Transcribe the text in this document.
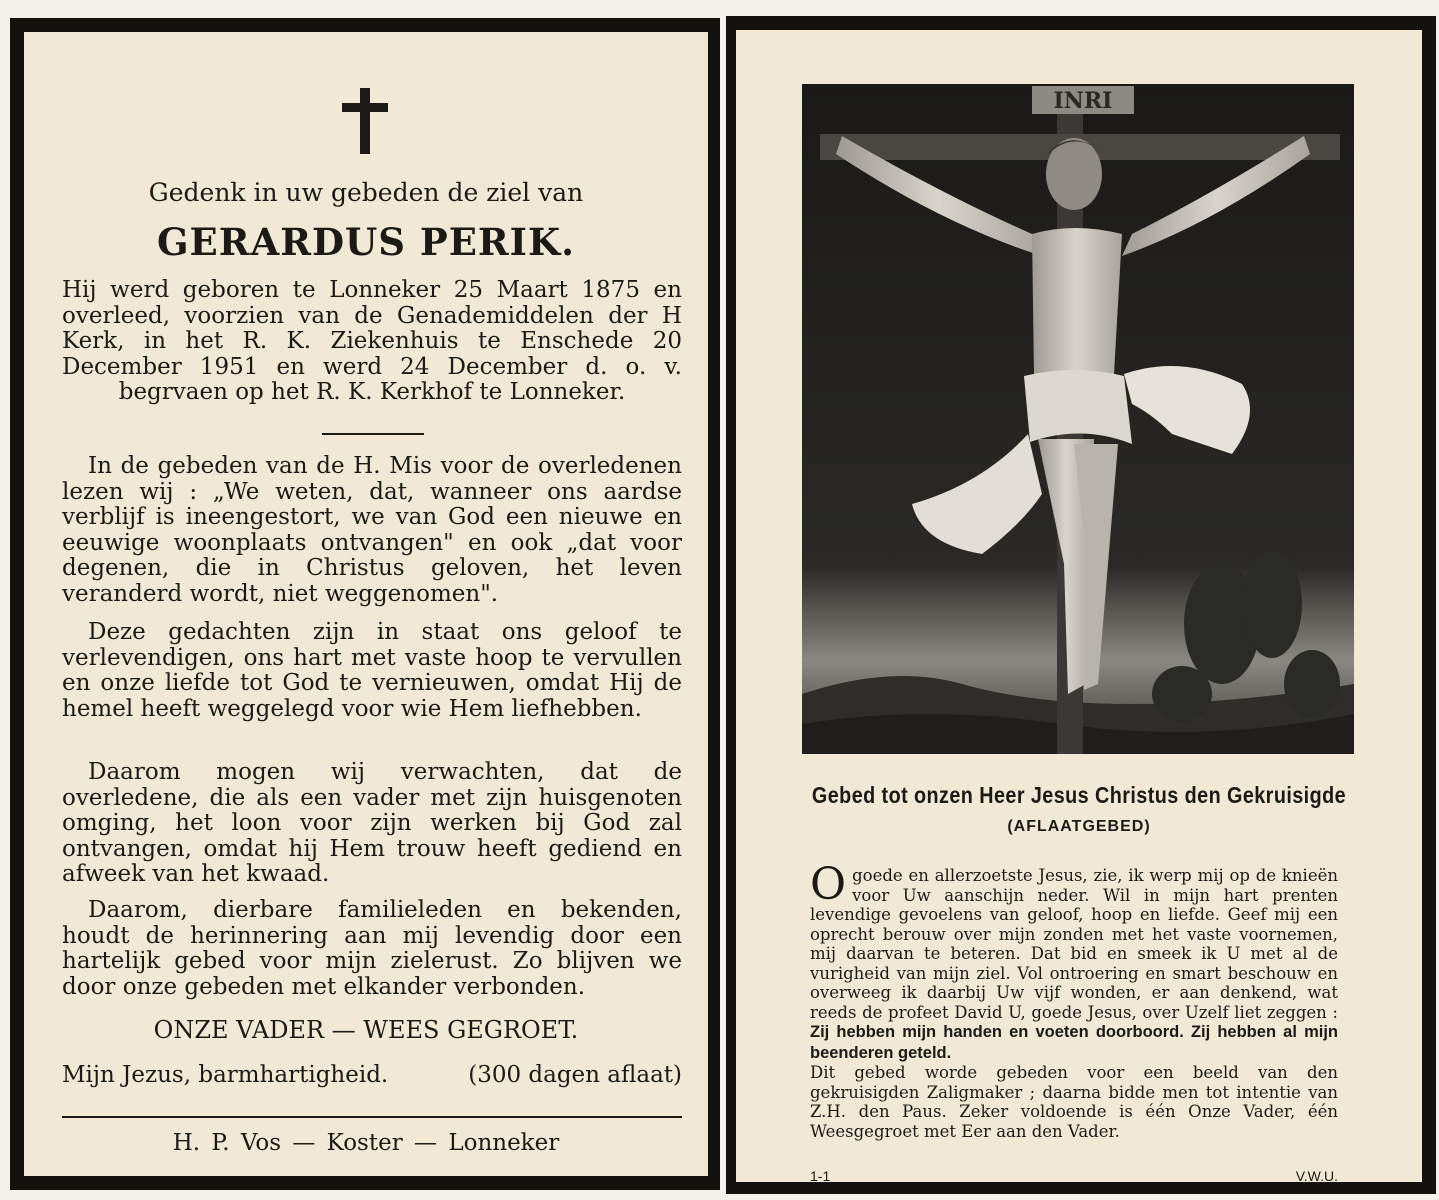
Gedenk in uw gebeden de ziel van
GERARDUS PERIK.
Hij werd geboren te Lonneker 25 Maart 1875 en overleed, voorzien van de Genademiddelen der H Kerk, in het R. K. Ziekenhuis te Enschede 20 December 1951 en werd 24 December d. o. v. begrvaen op het R. K. Kerkhof te Lonneker.
In de gebeden van de H. Mis voor de overledenen lezen wij : „We weten, dat, wanneer ons aardse verblijf is ineengestort, we van God een nieuwe en eeuwige woonplaats ontvangen" en ook „dat voor degenen, die in Christus geloven, het leven veranderd wordt, niet weggenomen".
Deze gedachten zijn in staat ons geloof te verlevendigen, ons hart met vaste hoop te vervullen en onze liefde tot God te vernieuwen, omdat Hij de hemel heeft weggelegd voor wie Hem liefhebben.
Daarom mogen wij verwachten, dat de overledene, die als een vader met zijn huisgenoten omging, het loon voor zijn werken bij God zal ontvangen, omdat hij Hem trouw heeft gediend en afweek van het kwaad.
Daarom, dierbare familieleden en bekenden, houdt de herinnering aan mij levendig door een hartelijk gebed voor mijn zielerust. Zo blijven we door onze gebeden met elkander verbonden.
ONZE VADER — WEES GEGROET.
Mijn Jezus, barmhartigheid.	(300 dagen aflaat)
H. P. Vos — Koster — Lonneker
INRI
Gebed tot onzen Heer Jesus Christus den Gekruisigde
(AFLAATGEBED)
Ogoede en allerzoetste Jesus, zie, ik werp mij op de knieën voor Uw aanschijn neder. Wil in mijn hart prenten levendige gevoelens van geloof, hoop en liefde. Geef mij een oprecht berouw over mijn zonden met het vaste voornemen, mij daarvan te beteren. Dat bid en smeek ik U met al de vurigheid van mijn ziel. Vol ontroering en smart beschouw en overweeg ik daarbij Uw vijf wonden, er aan denkend, wat reeds de profeet David U, goede Jesus, over Uzelf liet zeggen : Zij hebben mijn handen en voeten doorboord. Zij hebben al mijn beenderen geteld.
Dit gebed worde gebeden voor een beeld van den gekruisigden Zaligmaker ; daarna bidde men tot intentie van Z.H. den Paus. Zeker voldoende is één Onze Vader, één Weesgegroet met Eer aan den Vader.
1-1	V.W.U.
